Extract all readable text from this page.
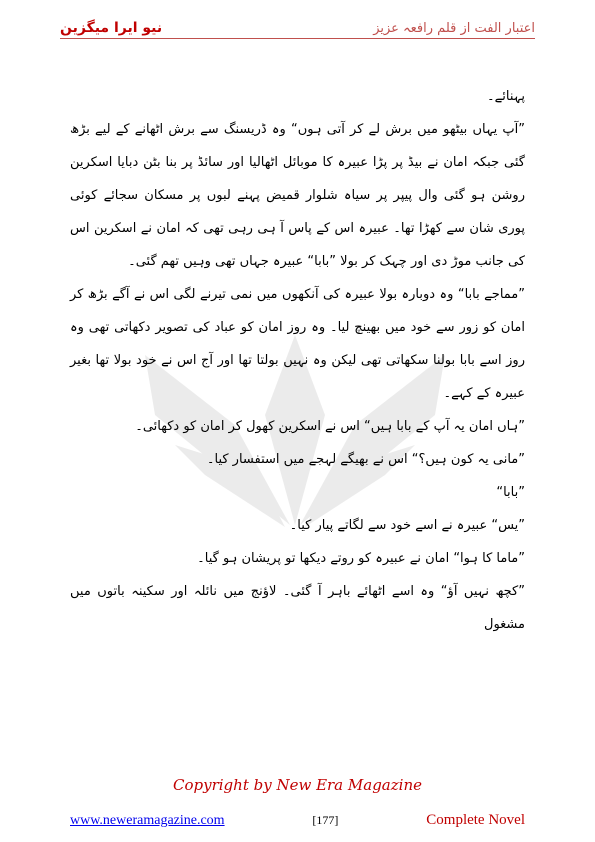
نیو ایرا میگزین	اعتبار الفت از قلم رافعہ عزیز

پہنائے۔

”آپ یہاں بیٹھو میں برش لے کر آتی ہوں“ وہ ڈریسنگ سے برش اٹھانے کے لیے بڑھ گئی جبکہ امان نے بیڈ پر پڑا عبیرہ کا موبائل اٹھالیا اور سائڈ پر بنا بٹن دبایا اسکرین روشن ہو گئی وال پیپر پر سیاہ شلوار قمیض پہنے لبوں پر مسکان سجائے کوئی پوری شان سے کھڑا تھا۔ عبیرہ اس کے پاس آ ہی رہی تھی کہ امان نے اسکرین اس کی جانب موڑ دی اور چہک کر بولا ”بابا“ عبیرہ جہاں تھی وہیں تھم گئی۔

”مماجے بابا“ وہ دوبارہ بولا عبیرہ کی آنکھوں میں نمی تیرنے لگی اس نے آگے بڑھ کر امان کو زور سے خود میں بھینچ لیا۔ وہ روز امان کو عباد کی تصویر دکھاتی تھی وہ روز اسے بابا بولنا سکھاتی تھی لیکن وہ نہیں بولتا تھا اور آج اس نے خود بولا تھا بغیر عبیرہ کے کہے۔

”ہاں امان یہ آپ کے بابا ہیں“ اس نے اسکرین کھول کر امان کو دکھائی۔

”مانی یہ کون ہیں؟“ اس نے بھیگے لہجے میں استفسار کیا۔

”بابا“

”یس“ عبیرہ نے اسے خود سے لگاتے پیار کیا۔

”ماما کا ہوا“ امان نے عبیرہ کو روتے دیکھا تو پریشان ہو گیا۔

”کچھ نہیں آؤ“ وہ اسے اٹھائے باہر آ گئی۔ لاؤنج میں نائلہ اور سکینہ باتوں میں مشغول

Copyright by New Era Magazine
www.neweramagazine.com	[177]	Complete Novel
